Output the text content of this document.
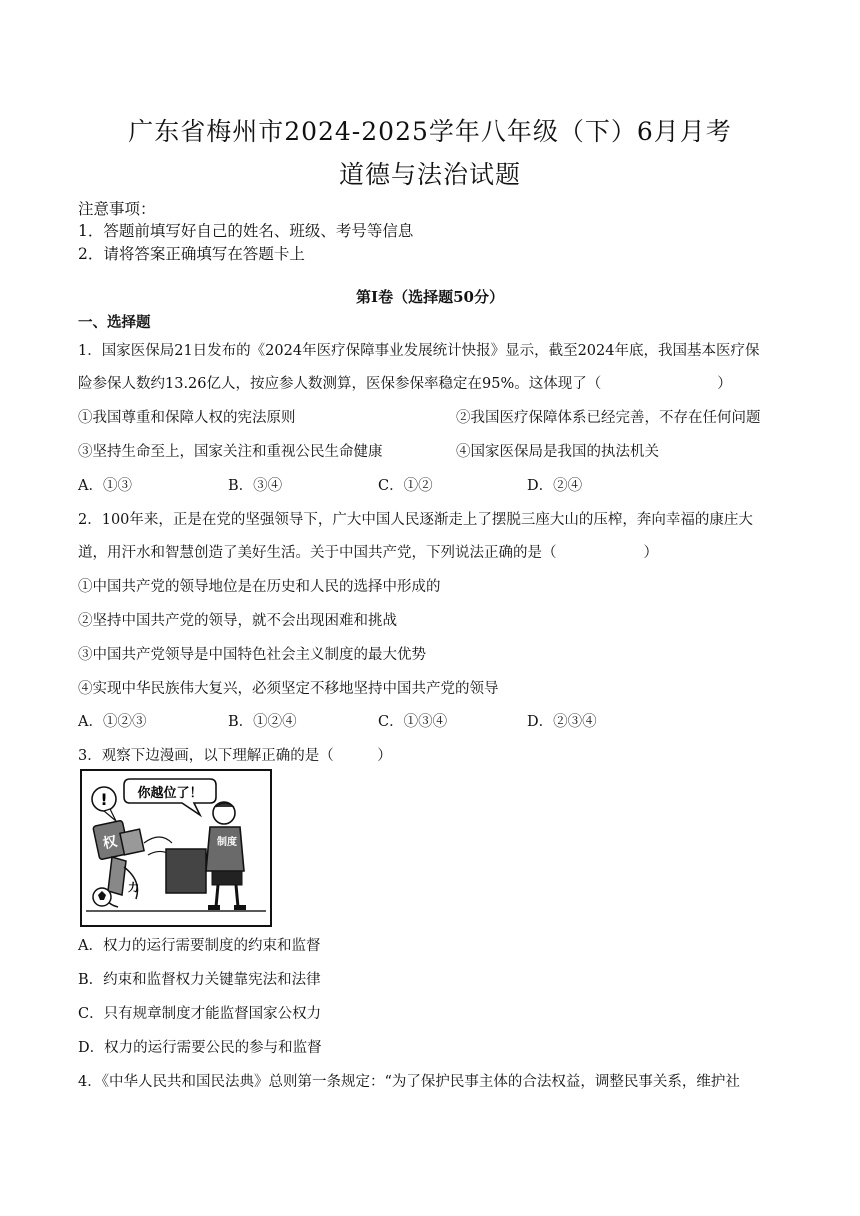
广东省梅州市2024-2025学年八年级（下）6月月考
道德与法治试题
注意事项：
1．答题前填写好自己的姓名、班级、考号等信息
2．请将答案正确填写在答题卡上
第I卷（选择题50分）
一、选择题
1．国家医保局21日发布的《2024年医疗保障事业发展统计快报》显示，截至2024年底，我国基本医疗保
险参保人数约13.26亿人，按应参人数测算，医保参保率稳定在95%。这体现了（　　　　　　　　）
①我国尊重和保障人权的宪法原则	②我国医疗保障体系已经完善，不存在任何问题
③坚持生命至上，国家关注和重视公民生命健康	④国家医保局是我国的执法机关
A．①③	B．③④	C．①②	D．②④
2．100年来，正是在党的坚强领导下，广大中国人民逐渐走上了摆脱三座大山的压榨，奔向幸福的康庄大
道，用汗水和智慧创造了美好生活。关于中国共产党，下列说法正确的是（　　　　　　）
①中国共产党的领导地位是在历史和人民的选择中形成的
②坚持中国共产党的领导，就不会出现困难和挑战
③中国共产党领导是中国特色社会主义制度的最大优势
④实现中华民族伟大复兴，必须坚定不移地坚持中国共产党的领导
A．①②③	B．①②④	C．①③④	D．②③④
3．观察下边漫画，以下理解正确的是（　　　）
你越位了！
!
权
力
制度
A．权力的运行需要制度的约束和监督
B．约束和监督权力关键靠宪法和法律
C．只有规章制度才能监督国家公权力
D．权力的运行需要公民的参与和监督
4．《中华人民共和国民法典》总则第一条规定：“为了保护民事主体的合法权益，调整民事关系，维护社
